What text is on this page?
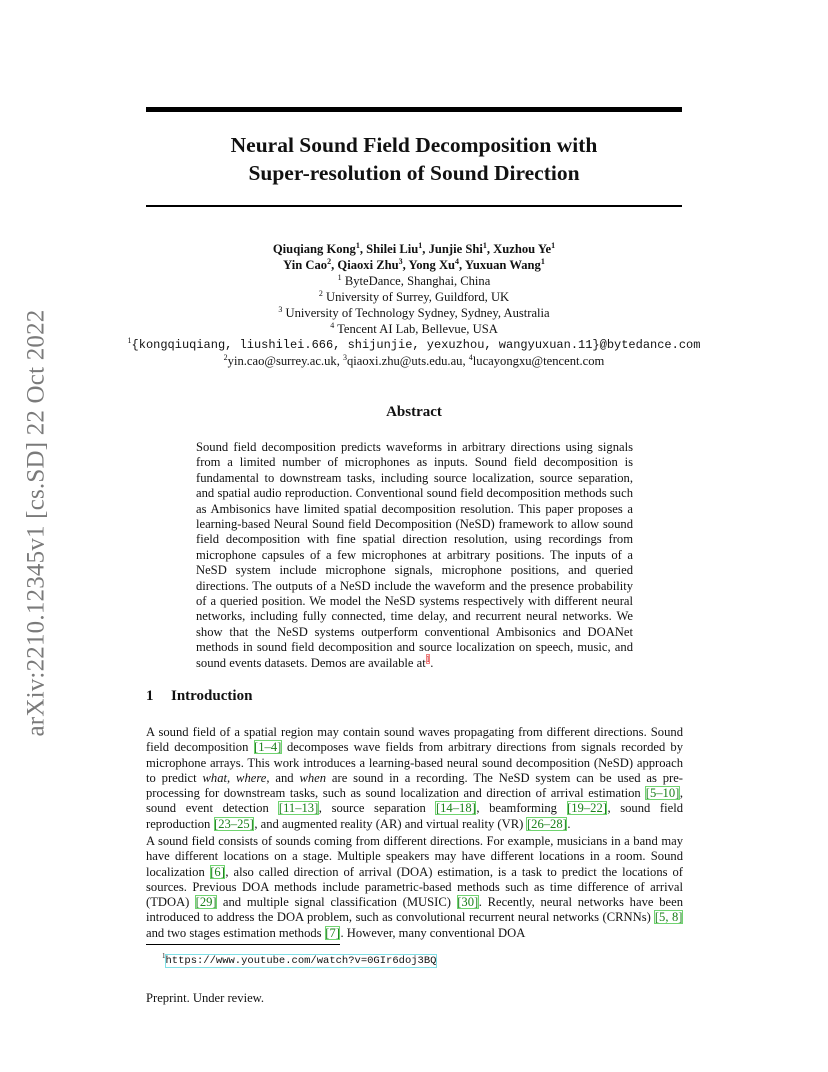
arXiv:2210.12345v1 [cs.SD] 22 Oct 2022
Neural Sound Field Decomposition with
Super-resolution of Sound Direction
Qiuqiang Kong$^1$, Shilei Liu$^1$, Junjie Shi$^1$, Xuzhou Ye$^1$
Yin Cao$^2$, Qiaoxi Zhu$^3$, Yong Xu$^4$, Yuxuan Wang$^1$
$^1$ ByteDance, Shanghai, China
$^2$ University of Surrey, Guildford, UK
$^3$ University of Technology Sydney, Sydney, Australia
$^4$ Tencent AI Lab, Bellevue, USA
$^1${kongqiuqiang, liushilei.666, shijunjie, yexuzhou, wangyuxuan.11}@bytedance.com
$^2$yin.cao@surrey.ac.uk, $^3$qiaoxi.zhu@uts.edu.au, $^4$lucayongxu@tencent.com
Abstract
Sound field decomposition predicts waveforms in arbitrary directions using signals from a limited number of microphones as inputs. Sound field decomposition is fundamental to downstream tasks, including source localization, source separation, and spatial audio reproduction. Conventional sound field decomposition methods such as Ambisonics have limited spatial decomposition resolution. This paper proposes a learning-based Neural Sound field Decomposition (NeSD) framework to allow sound field decomposition with fine spatial direction resolution, using recordings from microphone capsules of a few microphones at arbitrary positions. The inputs of a NeSD system include microphone signals, microphone positions, and queried directions. The outputs of a NeSD include the waveform and the presence probability of a queried position. We model the NeSD systems respectively with different neural networks, including fully connected, time delay, and recurrent neural networks. We show that the NeSD systems outperform conventional Ambisonics and DOANet methods in sound field decomposition and source localization on speech, music, and sound events datasets. Demos are available at$^1$.
1 Introduction
A sound field of a spatial region may contain sound waves propagating from different directions. Sound field decomposition [1–4] decomposes wave fields from arbitrary directions from signals recorded by microphone arrays. This work introduces a learning-based neural sound decomposition (NeSD) approach to predict what, where, and when are sound in a recording. The NeSD system can be used as pre-processing for downstream tasks, such as sound localization and direction of arrival estimation [5–10], sound event detection [11–13], source separation [14–18], beamforming [19–22], sound field reproduction [23–25], and augmented reality (AR) and virtual reality (VR) [26–28].
A sound field consists of sounds coming from different directions. For example, musicians in a band may have different locations on a stage. Multiple speakers may have different locations in a room. Sound localization [6], also called direction of arrival (DOA) estimation, is a task to predict the locations of sources. Previous DOA methods include parametric-based methods such as time difference of arrival (TDOA) [29] and multiple signal classification (MUSIC) [30]. Recently, neural networks have been introduced to address the DOA problem, such as convolutional recurrent neural networks (CRNNs) [5, 8] and two stages estimation methods [7]. However, many conventional DOA
$^1$https://www.youtube.com/watch?v=0GIr6doj3BQ
Preprint. Under review.
